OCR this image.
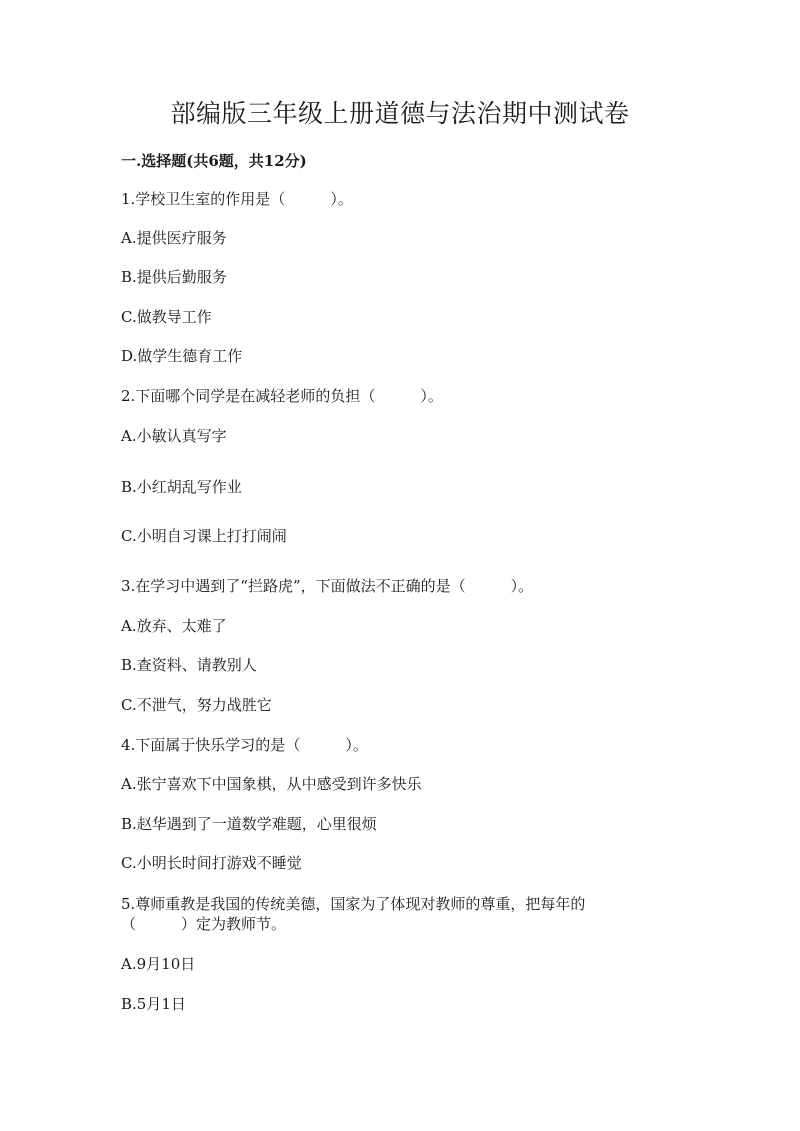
部编版三年级上册道德与法治期中测试卷
一.选择题(共6题，共12分)
1.学校卫生室的作用是（　　　）。
A.提供医疗服务
B.提供后勤服务
C.做教导工作
D.做学生德育工作
2.下面哪个同学是在减轻老师的负担（　　　）。
A.小敏认真写字
B.小红胡乱写作业
C.小明自习课上打打闹闹
3.在学习中遇到了“拦路虎”，下面做法不正确的是（　　　）。
A.放弃、太难了
B.查资料、请教别人
C.不泄气，努力战胜它
4.下面属于快乐学习的是（　　　）。
A.张宁喜欢下中国象棋，从中感受到许多快乐
B.赵华遇到了一道数学难题，心里很烦
C.小明长时间打游戏不睡觉
5.尊师重教是我国的传统美德，国家为了体现对教师的尊重，把每年的
（　　　）定为教师节。
A.9月10日
B.5月1日
